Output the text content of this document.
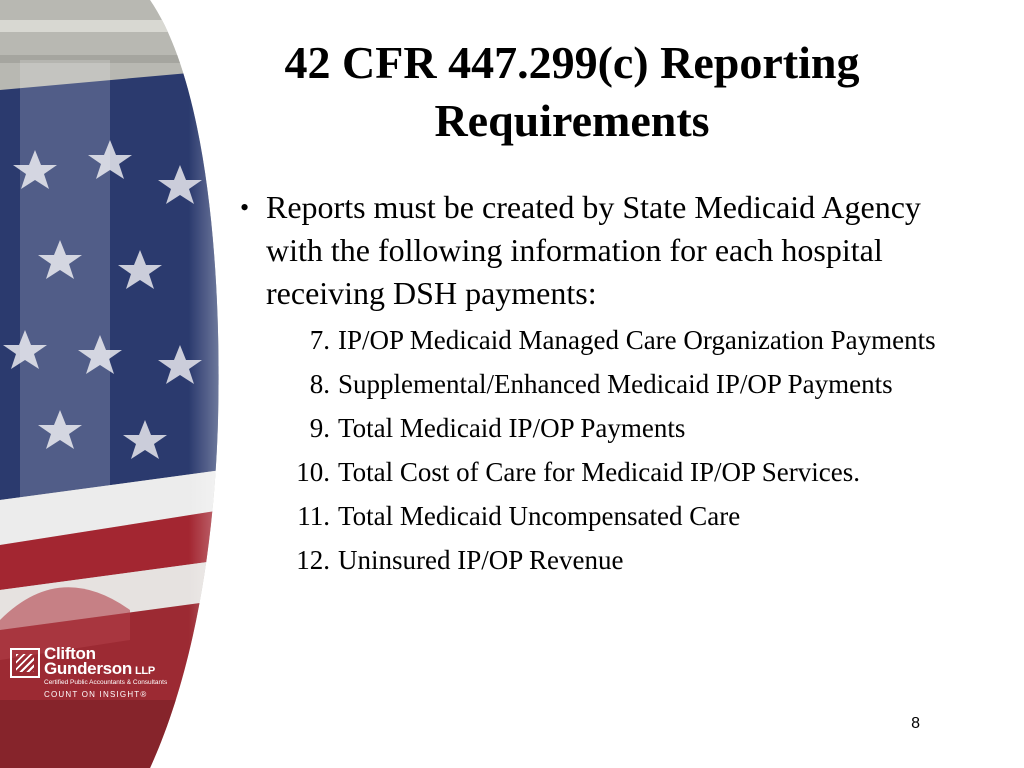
Clifton
Gunderson LLP
Certified Public Accountants & Consultants
COUNT ON INSIGHT®
42 CFR 447.299(c) Reporting Requirements
• Reports must be created by State Medicaid Agency with the following information for each hospital receiving DSH payments:
7. IP/OP Medicaid Managed Care Organization Payments
8. Supplemental/Enhanced Medicaid IP/OP Payments
9. Total Medicaid IP/OP Payments
10. Total Cost of Care for Medicaid IP/OP Services.
11. Total Medicaid Uncompensated Care
12. Uninsured IP/OP Revenue
8
